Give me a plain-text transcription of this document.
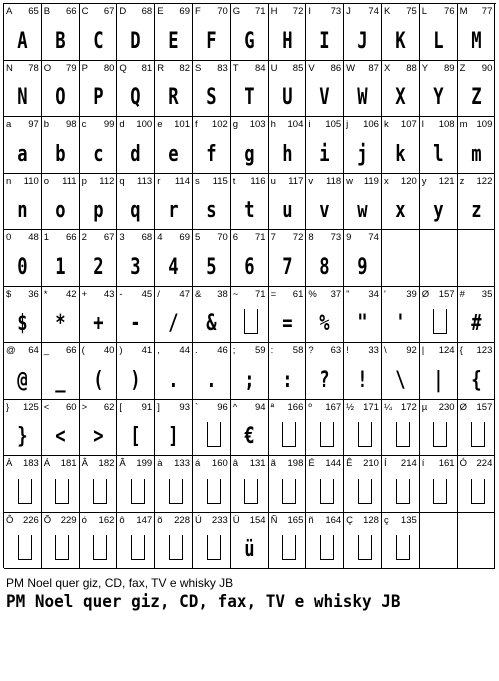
A 65
A
B 66
B
C 67
C
D 68
D
E 69
E
F 70
F
G 71
G
H 72
H
I 73
I
J 74
J
K 75
K
L 76
L
M 77
M
N 78
N
O 79
O
P 80
P
Q 81
Q
R 82
R
S 83
S
T 84
T
U 85
U
V 86
V
W 87
W
X 88
X
Y 89
Y
Z 90
Z
a 97
a
b 98
b
c 99
c
d 100
d
e 101
e
f 102
f
g 103
g
h 104
h
i 105
i
j 106
j
k 107
k
l 108
l
m 109
m
n 110
n
o 111
o
p 112
p
q 113
q
r 114
r
s 115
s
t 116
t
u 117
u
v 118
v
w 119
w
x 120
x
y 121
y
z 122
z
0 48
0
1 66
1
2 67
2
3 68
3
4 69
4
5 70
5
6 71
6
7 72
7
8 73
8
9 74
9
$ 36
$
* 42
*
+ 43
+
- 45
-
/ 47
/
& 38
&
~ 71 = 61
=
% 37
%
" 34
"
' 39
'
Ø 157 # 35
#
@ 64
@
_ 66
_
( 40
(
) 41
)
, 44
.
. 46
.
; 59
;
: 58
:
? 63
?
! 33
!
\ 92
\
| 124
|
{ 123
{
} 125
}
< 60
<
> 62
>
[ 91
[
] 93
]
` 96 ^ 94
€
ª 166 º 167 ½ 171 ¼ 172 µ 230 Ø 157
À 183 Á 181 Â 182 Ã 199 à 133 á 160 â 131 ã 198 É 144 Ê 210 Í 214 í 161 Ó 224
Ô 226 Õ 229 ó 162 ô 147 õ 228 Ú 233 Ü 154
ü
Ñ 165 ñ 164 Ç 128 ç 135
PM Noel quer giz, CD, fax, TV e whisky JB
PM Noel quer giz, CD, fax, TV e whisky JB
